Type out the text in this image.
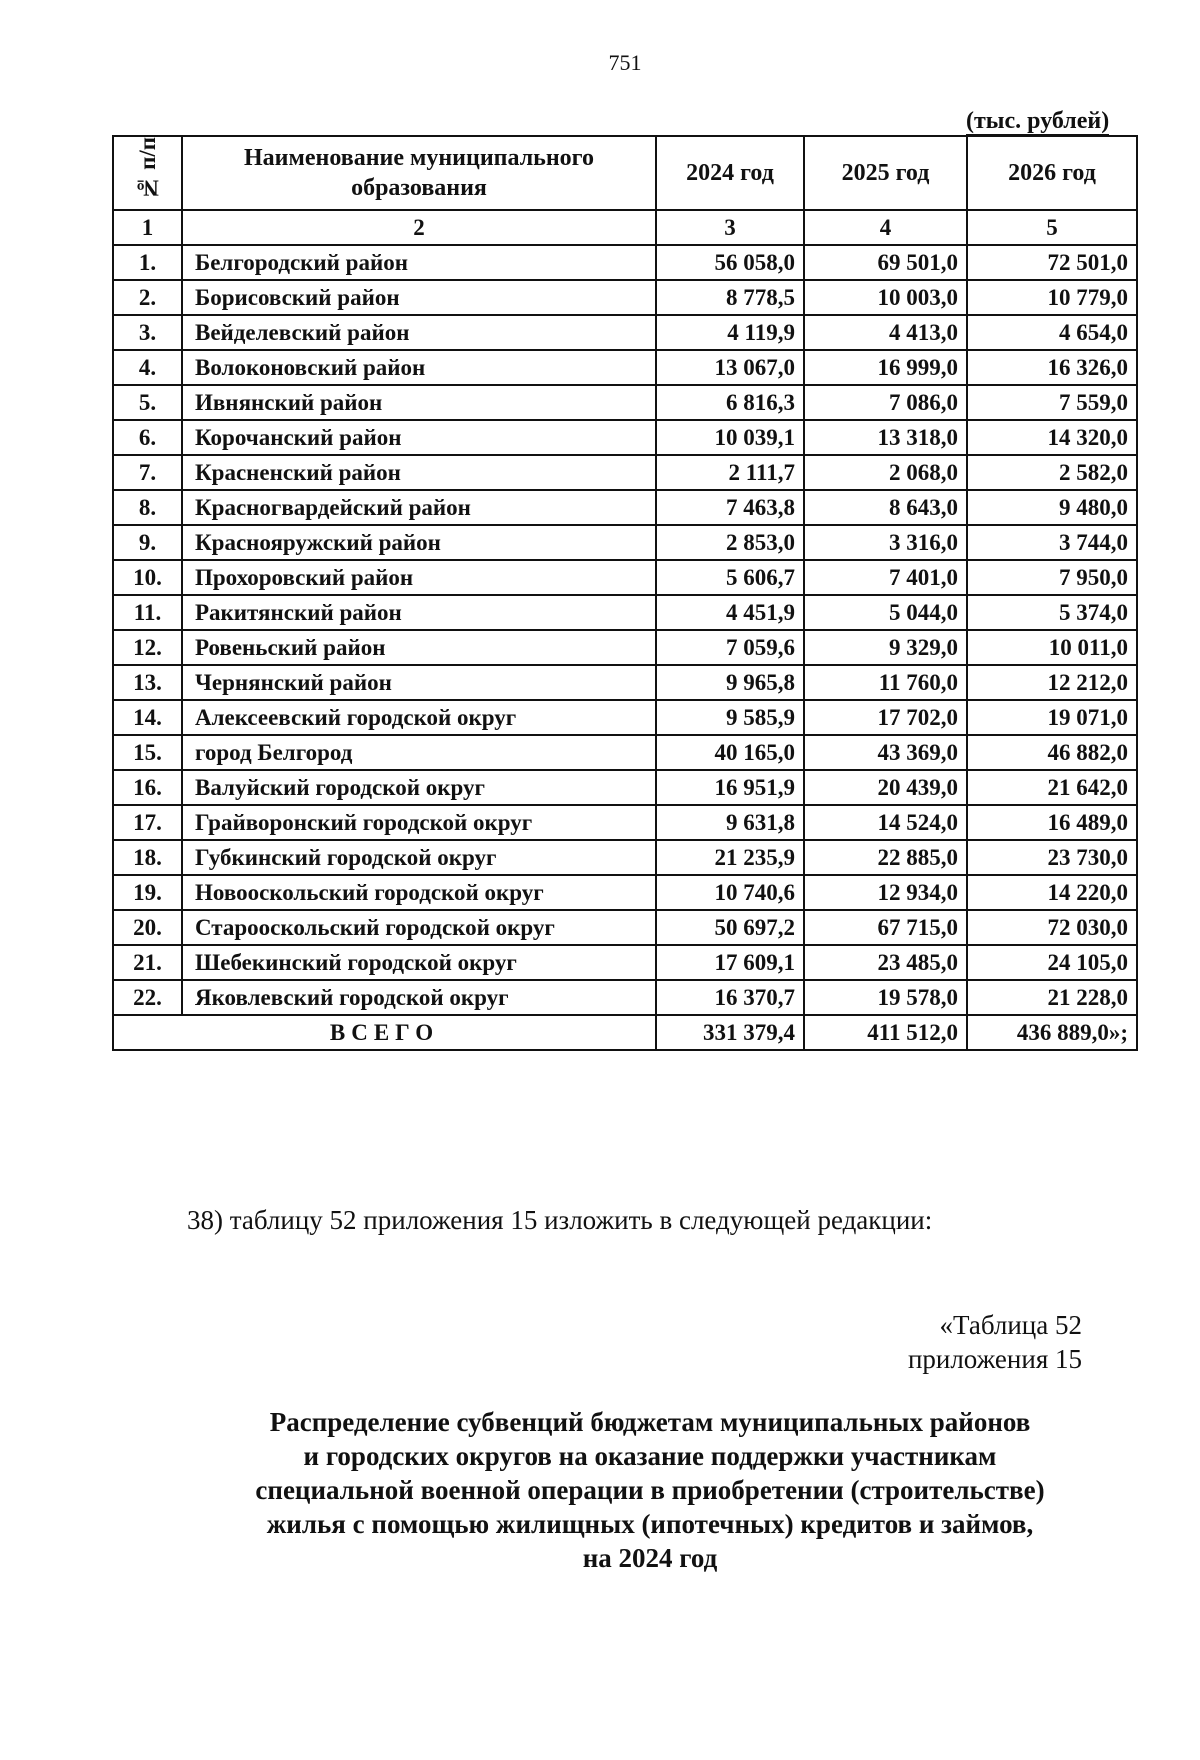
751
(тыс. рублей)
№ п/п	Наименование муниципального образования	2024 год	2025 год	2026 год
1	2	3	4	5
1.	Белгородский район	56 058,0	69 501,0	72 501,0
2.	Борисовский район	8 778,5	10 003,0	10 779,0
3.	Вейделевский район	4 119,9	4 413,0	4 654,0
4.	Волоконовский район	13 067,0	16 999,0	16 326,0
5.	Ивнянский район	6 816,3	7 086,0	7 559,0
6.	Корочанский район	10 039,1	13 318,0	14 320,0
7.	Красненский район	2 111,7	2 068,0	2 582,0
8.	Красногвардейский район	7 463,8	8 643,0	9 480,0
9.	Краснояружский район	2 853,0	3 316,0	3 744,0
10.	Прохоровский район	5 606,7	7 401,0	7 950,0
11.	Ракитянский район	4 451,9	5 044,0	5 374,0
12.	Ровеньский район	7 059,6	9 329,0	10 011,0
13.	Чернянский район	9 965,8	11 760,0	12 212,0
14.	Алексеевский городской округ	9 585,9	17 702,0	19 071,0
15.	город Белгород	40 165,0	43 369,0	46 882,0
16.	Валуйский городской округ	16 951,9	20 439,0	21 642,0
17.	Грайворонский городской округ	9 631,8	14 524,0	16 489,0
18.	Губкинский городской округ	21 235,9	22 885,0	23 730,0
19.	Новооскольский городской округ	10 740,6	12 934,0	14 220,0
20.	Старооскольский городской округ	50 697,2	67 715,0	72 030,0
21.	Шебекинский городской округ	17 609,1	23 485,0	24 105,0
22.	Яковлевский городской округ	16 370,7	19 578,0	21 228,0
ВСЕГО		331 379,4	411 512,0	436 889,0»;
38) таблицу 52 приложения 15 изложить в следующей редакции:
«Таблица 52
приложения 15
Распределение субвенций бюджетам муниципальных районов
и городских округов на оказание поддержки участникам
специальной военной операции в приобретении (строительстве)
жилья с помощью жилищных (ипотечных) кредитов и займов,
на 2024 год
